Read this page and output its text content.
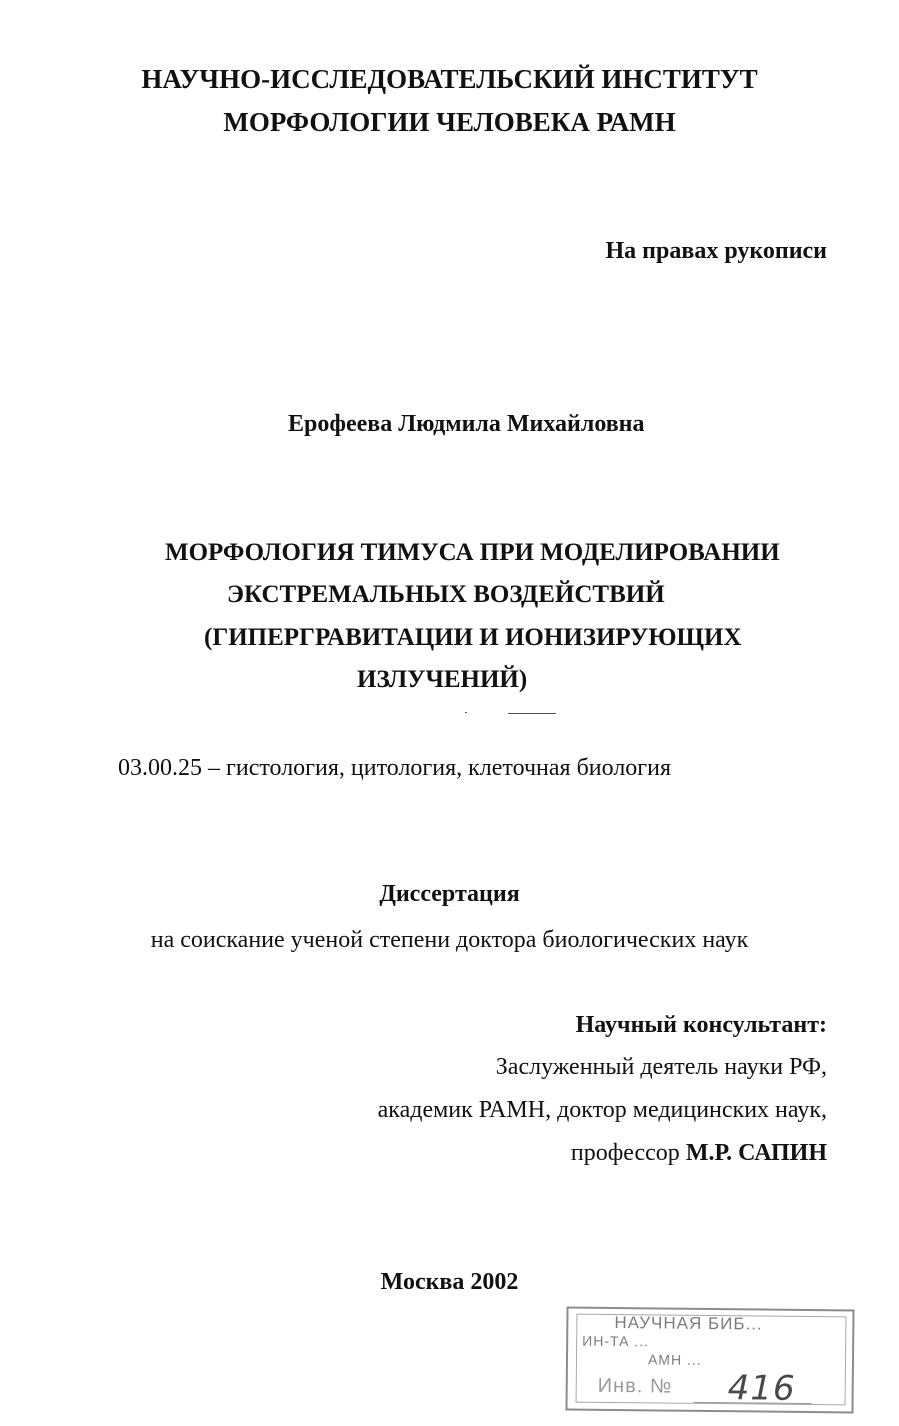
НАУЧНО-ИССЛЕДОВАТЕЛЬСКИЙ ИНСТИТУТ
МОРФОЛОГИИ ЧЕЛОВЕКА РАМН
На правах рукописи
Ерофеева Людмила Михайловна
МОРФОЛОГИЯ ТИМУСА ПРИ МОДЕЛИРОВАНИИ
ЭКСТРЕМАЛЬНЫХ ВОЗДЕЙСТВИЙ
(ГИПЕРГРАВИТАЦИИ И ИОНИЗИРУЮЩИХ
ИЗЛУЧЕНИЙ)
03.00.25 – гистология, цитология, клеточная биология
Диссертация
на соискание ученой степени доктора биологических наук
Научный консультант:
Заслуженный деятель науки РФ,
академик РАМН, доктор медицинских наук,
профессор М.Р. САПИН
Москва 2002
НАУЧНАЯ БИБ...
ИН-ТА ...
АМН ...
Инв. № 416
